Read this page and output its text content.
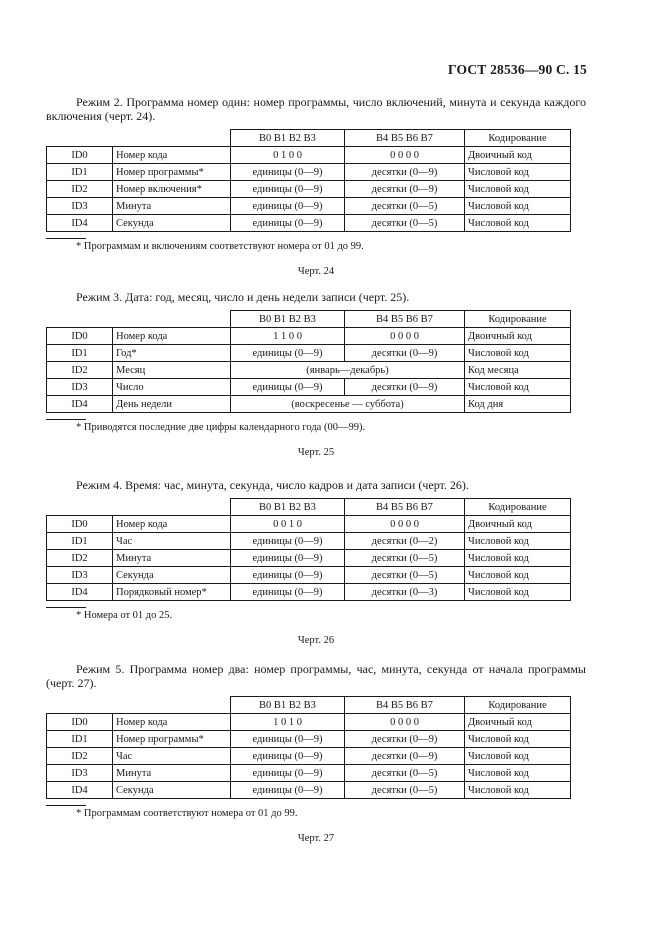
ГОСТ 28536—90 С. 15

Режим 2. Программа номер один: номер программы, число включений, минута и секунда каждого включения (черт. 24).

		B0 B1 B2 B3	B4 B5 B6 B7	Кодирование
ID0	Номер кода	0 1 0 0	0 0 0 0	Двоичный код
ID1	Номер программы*	единицы (0—9)	десятки (0—9)	Числовой код
ID2	Номер включения*	единицы (0—9)	десятки (0—9)	Числовой код
ID3	Минута	единицы (0—9)	десятки (0—5)	Числовой код
ID4	Секунда	единицы (0—9)	десятки (0—5)	Числовой код
* Программам и включениям соответствуют номера от 01 до 99.
Черт. 24

Режим 3. Дата: год, месяц, число и день недели записи (черт. 25).

		B0 B1 B2 B3	B4 B5 B6 B7	Кодирование
ID0	Номер кода	1 1 0 0	0 0 0 0	Двоичный код
ID1	Год*	единицы (0—9)	десятки (0—9)	Числовой код
ID2	Месяц	(январь—декабрь)		Код месяца
ID3	Число	единицы (0—9)	десятки (0—9)	Числовой код
ID4	День недели	(воскресенье — суббота)		Код дня
* Приводятся последние две цифры календарного года (00—99).
Черт. 25

Режим 4. Время: час, минута, секунда, число кадров и дата записи (черт. 26).

		B0 B1 B2 B3	B4 B5 B6 B7	Кодирование
ID0	Номер кода	0 0 1 0	0 0 0 0	Двоичный код
ID1	Час	единицы (0—9)	десятки (0—2)	Числовой код
ID2	Минута	единицы (0—9)	десятки (0—5)	Числовой код
ID3	Секунда	единицы (0—9)	десятки (0—5)	Числовой код
ID4	Порядковый номер*	единицы (0—9)	десятки (0—3)	Числовой код
* Номера от 01 до 25.
Черт. 26

Режим 5. Программа номер два: номер программы, час, минута, секунда от начала программы (черт. 27).

		B0 B1 B2 B3	B4 B5 B6 B7	Кодирование
ID0	Номер кода	1 0 1 0	0 0 0 0	Двоичный код
ID1	Номер программы*	единицы (0—9)	десятки (0—9)	Числовой код
ID2	Час	единицы (0—9)	десятки (0—9)	Числовой код
ID3	Минута	единицы (0—9)	десятки (0—5)	Числовой код
ID4	Секунда	единицы (0—9)	десятки (0—5)	Числовой код
* Программам соответствуют номера от 01 до 99.
Черт. 27
